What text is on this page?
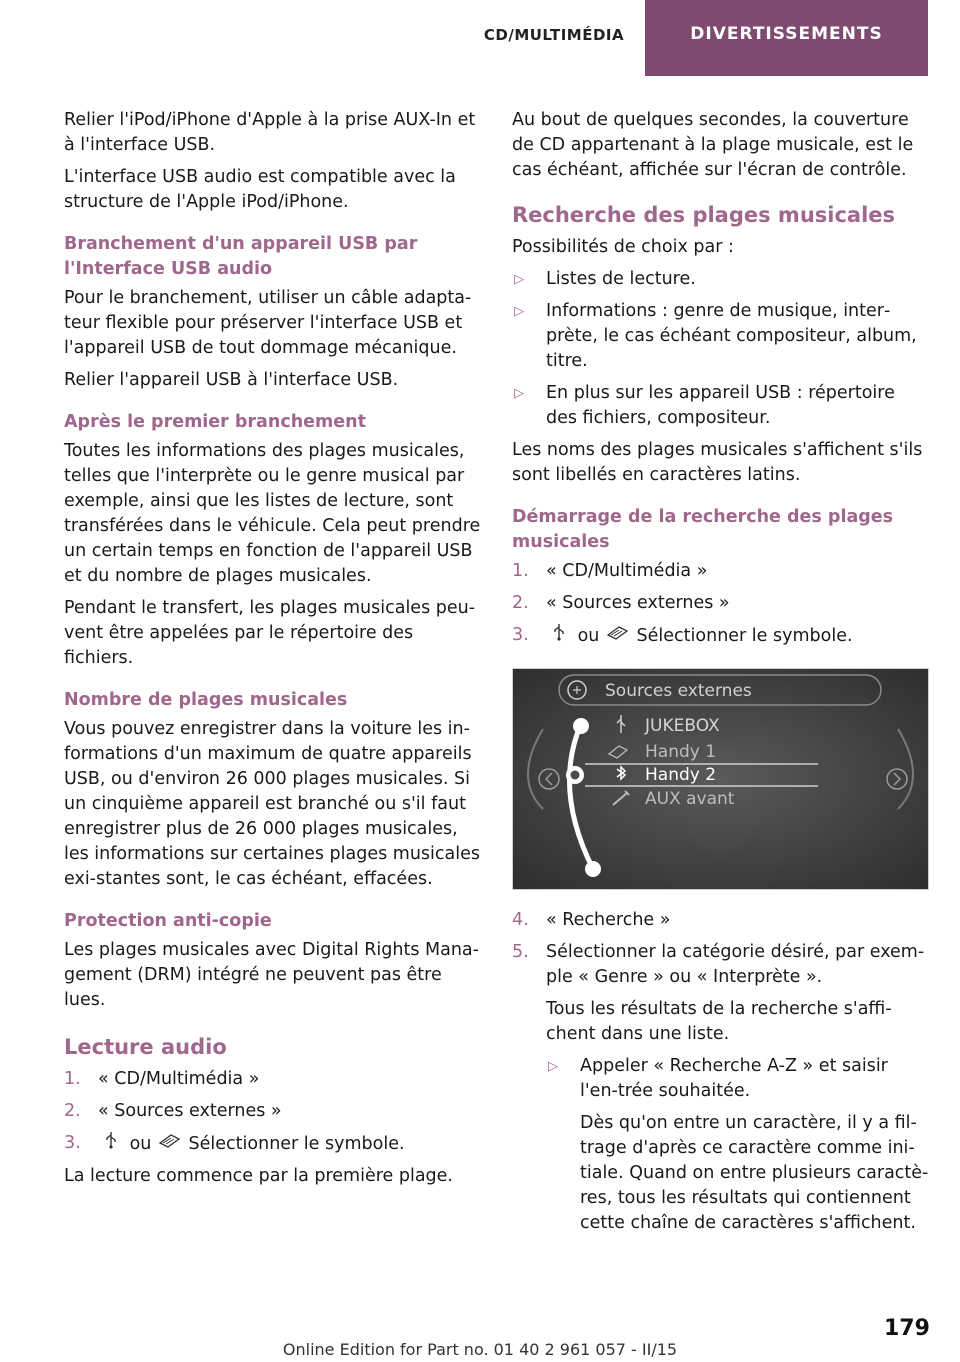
CD/MULTIMÉDIA	DIVERTISSEMENTS

Relier l'iPod/iPhone d'Apple à la prise AUX-In et à l'interface USB.

L'interface USB audio est compatible avec la structure de l'Apple iPod/iPhone.

Branchement d'un appareil USB par l'Interface USB audio

Pour le branchement, utiliser un câble adapta‐teur flexible pour préserver l'interface USB et l'appareil USB de tout dommage mécanique.

Relier l'appareil USB à l'interface USB.

Après le premier branchement

Toutes les informations des plages musicales, telles que l'interprète ou le genre musical par exemple, ainsi que les listes de lecture, sont transférées dans le véhicule. Cela peut prendre un certain temps en fonction de l'appareil USB et du nombre de plages musicales.

Pendant le transfert, les plages musicales peu‐vent être appelées par le répertoire des fichiers.

Nombre de plages musicales

Vous pouvez enregistrer dans la voiture les in‐formations d'un maximum de quatre appareils USB, ou d'environ 26 000 plages musicales. Si un cinquième appareil est branché ou s'il faut enregistrer plus de 26 000 plages musicales, les informations sur certaines plages musicales exi‐stantes sont, le cas échéant, effacées.

Protection anti-copie

Les plages musicales avec Digital Rights Mana‐gement (DRM) intégré ne peuvent pas être lues.

Lecture audio
1. « CD/Multimédia »
2. « Sources externes »
3.	ou Sélectionner le symbole.

La lecture commence par la première plage.

Au bout de quelques secondes, la couverture de CD appartenant à la plage musicale, est le cas échéant, affichée sur l'écran de contrôle.

Recherche des plages musicales

Possibilités de choix par :

▷ Listes de lecture.
▷ Informations : genre de musique, inter‐prète, le cas échéant compositeur, album, titre.
▷ En plus sur les appareil USB : répertoire des fichiers, compositeur.

Les noms des plages musicales s'affichent s'ils sont libellés en caractères latins.

Démarrage de la recherche des plages musicales
1. « CD/Multimédia »
2. « Sources externes »
3.	ou Sélectionner le symbole.
Sources externes
JUKEBOX
Handy 1
Handy 2
AUX avant
4. « Recherche »
5. Sélectionner la catégorie désiré, par exem‐ple « Genre » ou « Interprète ».

Tous les résultats de la recherche s'affi‐chent dans une liste.

▷ Appeler « Recherche A-Z » et saisir l'en‐trée souhaitée.

Dès qu'on entre un caractère, il y a fil‐trage d'après ce caractère comme ini‐tiale. Quand on entre plusieurs caractè‐res, tous les résultats qui contiennent cette chaîne de caractères s'affichent.

179
Online Edition for Part no. 01 40 2 961 057 - II/15
